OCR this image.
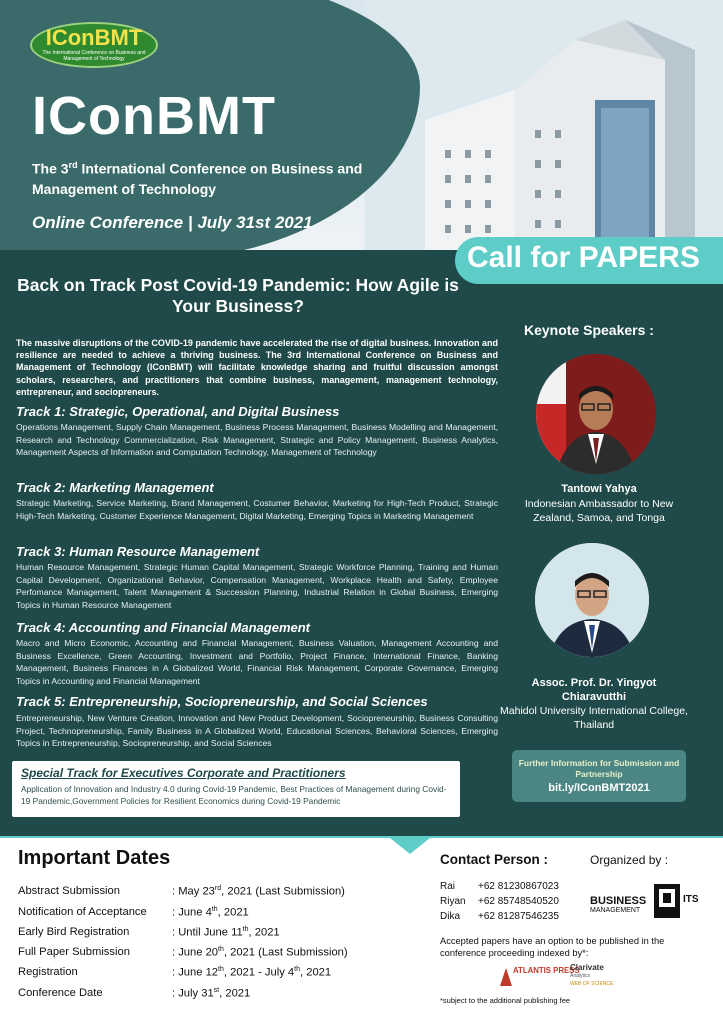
IConBMT
The International Conference on Business and Management of Technology
IConBMT
The 3rd International Conference on Business and Management of Technology
Online Conference | July 31st 2021
Call for PAPERS
Back on Track Post Covid-19 Pandemic: How Agile is Your Business?
The massive disruptions of the COVID-19 pandemic have accelerated the rise of digital business. Innovation and resilience are needed to achieve a thriving business. The 3rd International Conference on Business and Management of Technology (IConBMT) will facilitate knowledge sharing and fruitful discussion amongst scholars, researchers, and practitioners that combine business, management, management technology, entrepreneur, and sociopreneurs.
Track 1: Strategic, Operational, and Digital Business
Operations Management, Supply Chain Management, Business Process Management, Business Modelling and Management, Research and Technology Commercialization, Risk Management, Strategic and Policy Management, Business Analytics, Management Aspects of Information and Computation Technology, Management of Technology
Track 2: Marketing Management
Strategic Marketing, Service Marketing, Brand Management, Costumer Behavior, Marketing for High-Tech Product, Strategic High-Tech Marketing, Customer Experience Management, Digital Marketing, Emerging Topics in Marketing Management
Track 3: Human Resource Management
Human Resource Management, Strategic Human Capital Management, Strategic Workforce Planning, Training and Human Capital Development, Organizational Behavior, Compensation Management, Workplace Health and Safety, Employee Perfomance Management, Talent Management & Succession Planning, Industrial Relation in Global Business, Emerging Topics in Human Resource Management
Track 4: Accounting and Financial Management
Macro and Micro Economic, Accounting and Financial Management, Business Valuation, Management Accounting and Business Excellence, Green Accounting, Investment and Portfolio, Project Finance, International Finance, Banking Management, Business Finances in A Globalized World, Financial Risk Management, Corporate Governance, Emerging Topics in Accounting and Financial Management
Track 5: Entrepreneurship, Sociopreneurship, and Social Sciences
Entrepreneurship, New Venture Creation, Innovation and New Product Development, Sociopreneurship, Business Consulting Project, Technopreneurship, Family Business in A Globalized World, Educational Sciences, Behavioral Sciences, Emerging Topics in Entrepreneurship, Sociopreneurship, and Social Sciences
Special Track for Executives Corporate and Practitioners
Application of Innovation and Industry 4.0 during Covid-19 Pandemic, Best Practices of Management during Covid-19 Pandemic,Government Policies for Resilient Economics during Covid-19 Pandemic
Keynote Speakers :
Tantowi Yahya
Indonesian Ambassador to New Zealand, Samoa, and Tonga
Assoc. Prof. Dr. Yingyot Chiaravutthi
Mahidol University International College, Thailand
Further Information for Submission and Partnership
bit.ly/IConBMT2021
Important Dates
Abstract Submission	: May 23rd, 2021 (Last Submission)
Notification of Acceptance : June 4th, 2021
Early Bird Registration	: Until June 11th, 2021
Full Paper Submission	: June 20th, 2021 (Last Submission)
Registration	: June 12th, 2021 - July 4th, 2021
Conference Date	: July 31st, 2021
Contact Person :	Organized by :
Rai +62 81230867023
Riyan +62 85748540520
Dika +62 81287546235
BUSINESS
MANAGEMENT
ITS
Accepted papers have an option to be published in the conference proceeding indexed by*:
ATLANTIS PRESS
Clarivate
Analytics
WEB OF SCIENCE
*subject to the additional publishing fee
